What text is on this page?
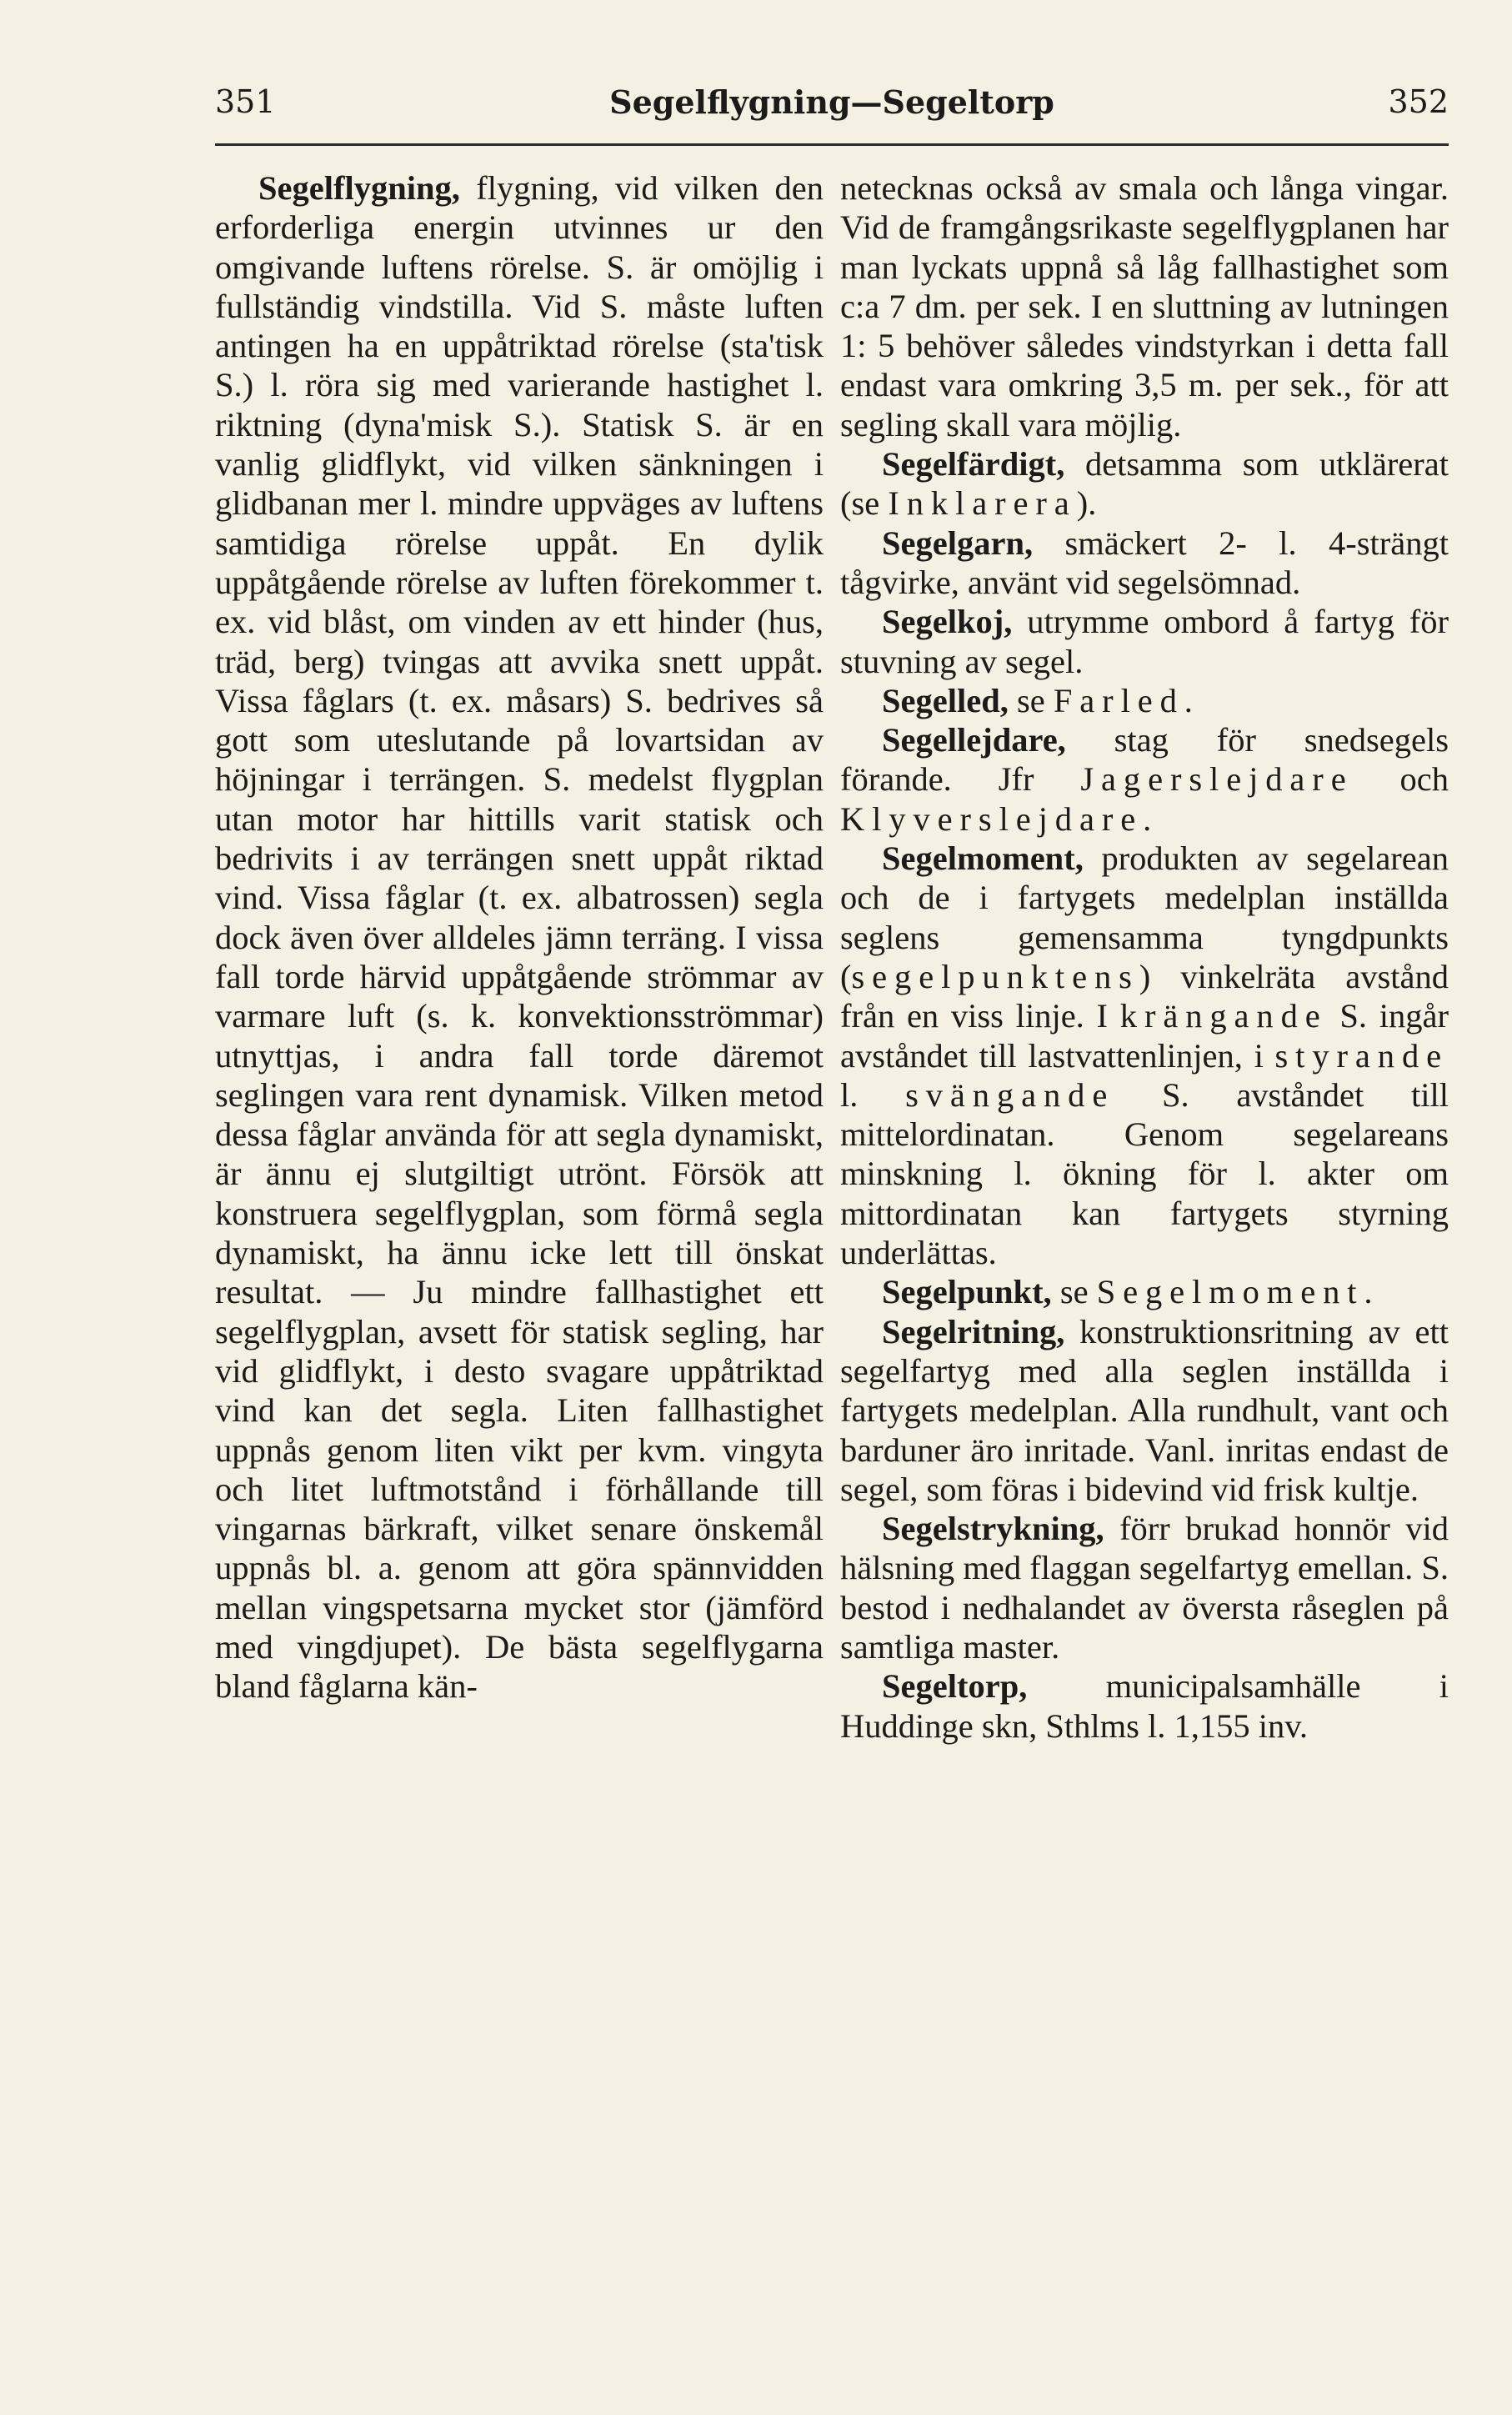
351	Segelflygning—Segeltorp	352

Segelflygning, flygning, vid vilken den erforderliga energin utvinnes ur den omgivande luftens rörelse. S. är omöjlig i fullständig vindstilla. Vid S. måste luften antingen ha en uppåtriktad rörelse (sta'tisk S.) l. röra sig med varierande hastighet l. riktning (dyna'misk S.). Statisk S. är en vanlig glidflykt, vid vilken sänkningen i glidbanan mer l. mindre uppväges av luftens samtidiga rörelse uppåt. En dylik uppåtgående rörelse av luften förekommer t. ex. vid blåst, om vinden av ett hinder (hus, träd, berg) tvingas att avvika snett uppåt. Vissa fåglars (t. ex. måsars) S. bedrives så gott som uteslutande på lovartsidan av höjningar i terrängen. S. medelst flygplan utan motor har hittills varit statisk och bedrivits i av terrängen snett uppåt riktad vind. Vissa fåglar (t. ex. albatrossen) segla dock även över alldeles jämn terräng. I vissa fall torde härvid uppåtgående strömmar av varmare luft (s. k. konvektionsströmmar) utnyttjas, i andra fall torde däremot seglingen vara rent dynamisk. Vilken metod dessa fåglar använda för att segla dynamiskt, är ännu ej slutgiltigt utrönt. Försök att konstruera segelflygplan, som förmå segla dynamiskt, ha ännu icke lett till önskat resultat. — Ju mindre fallhastighet ett segelflygplan, avsett för statisk segling, har vid glidflykt, i desto svagare uppåtriktad vind kan det segla. Liten fallhastighet uppnås genom liten vikt per kvm. vingyta och litet luftmotstånd i förhållande till vingarnas bärkraft, vilket senare önskemål uppnås bl. a. genom att göra spännvidden mellan vingspetsarna mycket stor (jämförd med vingdjupet). De bästa segelflygarna bland fåglarna kän-

netecknas också av smala och långa vingar. Vid de framgångsrikaste segelflygplanen har man lyckats uppnå så låg fallhastighet som c:a 7 dm. per sek. I en sluttning av lutningen 1: 5 behöver således vindstyrkan i detta fall endast vara omkring 3,5 m. per sek., för att segling skall vara möjlig.

Segelfärdigt, detsamma som utklärerat (se Inklarera).

Segelgarn, smäckert 2- l. 4-strängt tågvirke, använt vid segelsömnad.

Segelkoj, utrymme ombord å fartyg för stuvning av segel.

Segelled, se Farled.

Segellejdare, stag för snedsegels förande. Jfr Jagerslejdare och Klyverslejdare.

Segelmoment, produkten av segelarean och de i fartygets medelplan inställda seglens gemensamma tyngdpunkts (segelpunktens) vinkelräta avstånd från en viss linje. I krängande S. ingår avståndet till lastvattenlinjen, i styrande l. svängande S. avståndet till mittelordinatan. Genom segelareans minskning l. ökning för l. akter om mittordinatan kan fartygets styrning underlättas.

Segelpunkt, se Segelmoment.

Segelritning, konstruktionsritning av ett segelfartyg med alla seglen inställda i fartygets medelplan. Alla rundhult, vant och barduner äro inritade. Vanl. inritas endast de segel, som föras i bidevind vid frisk kultje.

Segelstrykning, förr brukad honnör vid hälsning med flaggan segelfartyg emellan. S. bestod i nedhalandet av översta råseglen på samtliga master.

Segeltorp, municipalsamhälle i Huddinge skn, Sthlms l. 1,155 inv.
